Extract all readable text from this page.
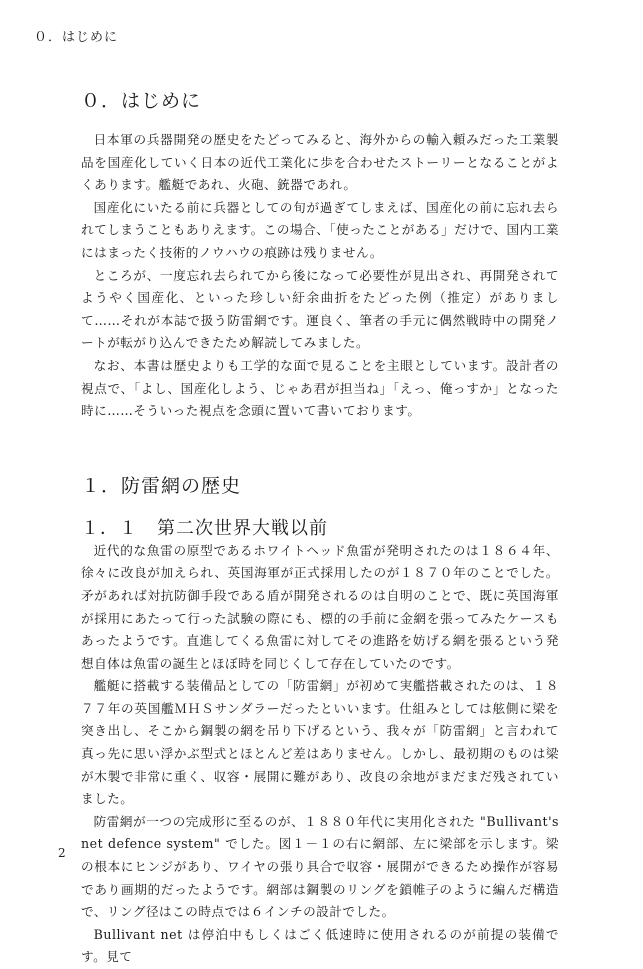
０．はじめに
０．はじめに

日本軍の兵器開発の歴史をたどってみると、海外からの輸入頼みだった工業製品を国産化していく日本の近代工業化に歩を合わせたストーリーとなることがよくあります。艦艇であれ、火砲、銃器であれ。

国産化にいたる前に兵器としての旬が過ぎてしまえば、国産化の前に忘れ去られてしまうこともありえます。この場合、「使ったことがある」だけで、国内工業にはまったく技術的ノウハウの痕跡は残りません。

ところが、一度忘れ去られてから後になって必要性が見出され、再開発されてようやく国産化、といった珍しい紆余曲折をたどった例（推定）がありまして……それが本誌で扱う防雷網です。運良く、筆者の手元に偶然戦時中の開発ノートが転がり込んできたため解読してみました。

なお、本書は歴史よりも工学的な面で見ることを主眼としています。設計者の視点で、「よし、国産化しよう、じゃあ君が担当ね」「えっ、俺っすか」となった時に……そういった視点を念頭に置いて書いております。

１．防雷網の歴史
１．１　第二次世界大戦以前

近代的な魚雷の原型であるホワイトヘッド魚雷が発明されたのは１８６４年、徐々に改良が加えられ、英国海軍が正式採用したのが１８７０年のことでした。矛があれば対抗防御手段である盾が開発されるのは自明のことで、既に英国海軍が採用にあたって行った試験の際にも、標的の手前に金網を張ってみたケースもあったようです。直進してくる魚雷に対してその進路を妨げる網を張るという発想自体は魚雷の誕生とほぼ時を同じくして存在していたのです。

艦艇に搭載する装備品としての「防雷網」が初めて実艦搭載されたのは、１８７７年の英国艦ＭＨＳサンダラーだったといいます。仕組みとしては舷側に梁を突き出し、そこから鋼製の網を吊り下げるという、我々が「防雷網」と言われて真っ先に思い浮かぶ型式とほとんど差はありません。しかし、最初期のものは梁が木製で非常に重く、収容・展開に難があり、改良の余地がまだまだ残されていました。

防雷網が一つの完成形に至るのが、１８８０年代に実用化された "Bullivant's net defence system" でした。図１－１の右に網部、左に梁部を示します。梁の根本にヒンジがあり、ワイヤの張り具合で収容・展開ができるため操作が容易であり画期的だったようです。網部は鋼製のリングを鎖帷子のように編んだ構造で、リング径はこの時点では６インチの設計でした。

Bullivant net は停泊中もしくはごく低速時に使用されるのが前提の装備です。見て

2
